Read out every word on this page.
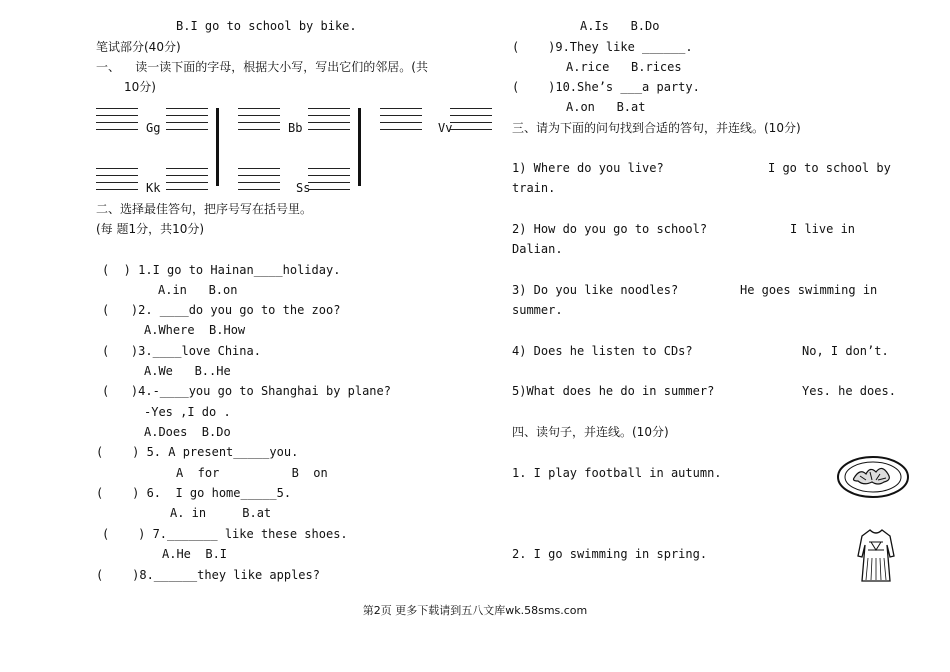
B.I go to school by bike.
笔试部分(40分)
一、    读一读下面的字母，根据大小写，写出它们的邻居。(共
10分)
Gg	Bb	Vv
Kk	Ss
二、选择最佳答句，把序号写在括号里。
(每 题1分，共10分)
(  ) 1.I go to Hainan____holiday.
A.in   B.on
(   )2. ____do you go to the zoo?
A.Where  B.How
(   )3.____love China.
A.We   B..He
(   )4.-____you go to Shanghai by plane?
-Yes ,I do .
A.Does  B.Do
(    ) 5. A present_____you.
A  for          B  on
(    ) 6.  I go home_____5.
A. in     B.at
(    ) 7._______ like these shoes.
A.He  B.I
(    )8.______they like apples?
A.Is   B.Do
(    )9.They like ______.
A.rice   B.rices
(    )10.She’s ___a party.
A.on   B.at
三、请为下面的问句找到合适的答句，并连线。(10分)
1) Where do you live?	I go to school by
train.
2) How do you go to school?	I live in
Dalian.
3) Do you like noodles?	He goes swimming in
summer.
4) Does he listen to CDs?	No, I don’t.
5)What does he do in summer?	Yes. he does.
四、读句子，并连线。(10分)
1. I play football in autumn.
2. I go swimming in spring.
第2页 更多下载请到五八文库wk.58sms.com
